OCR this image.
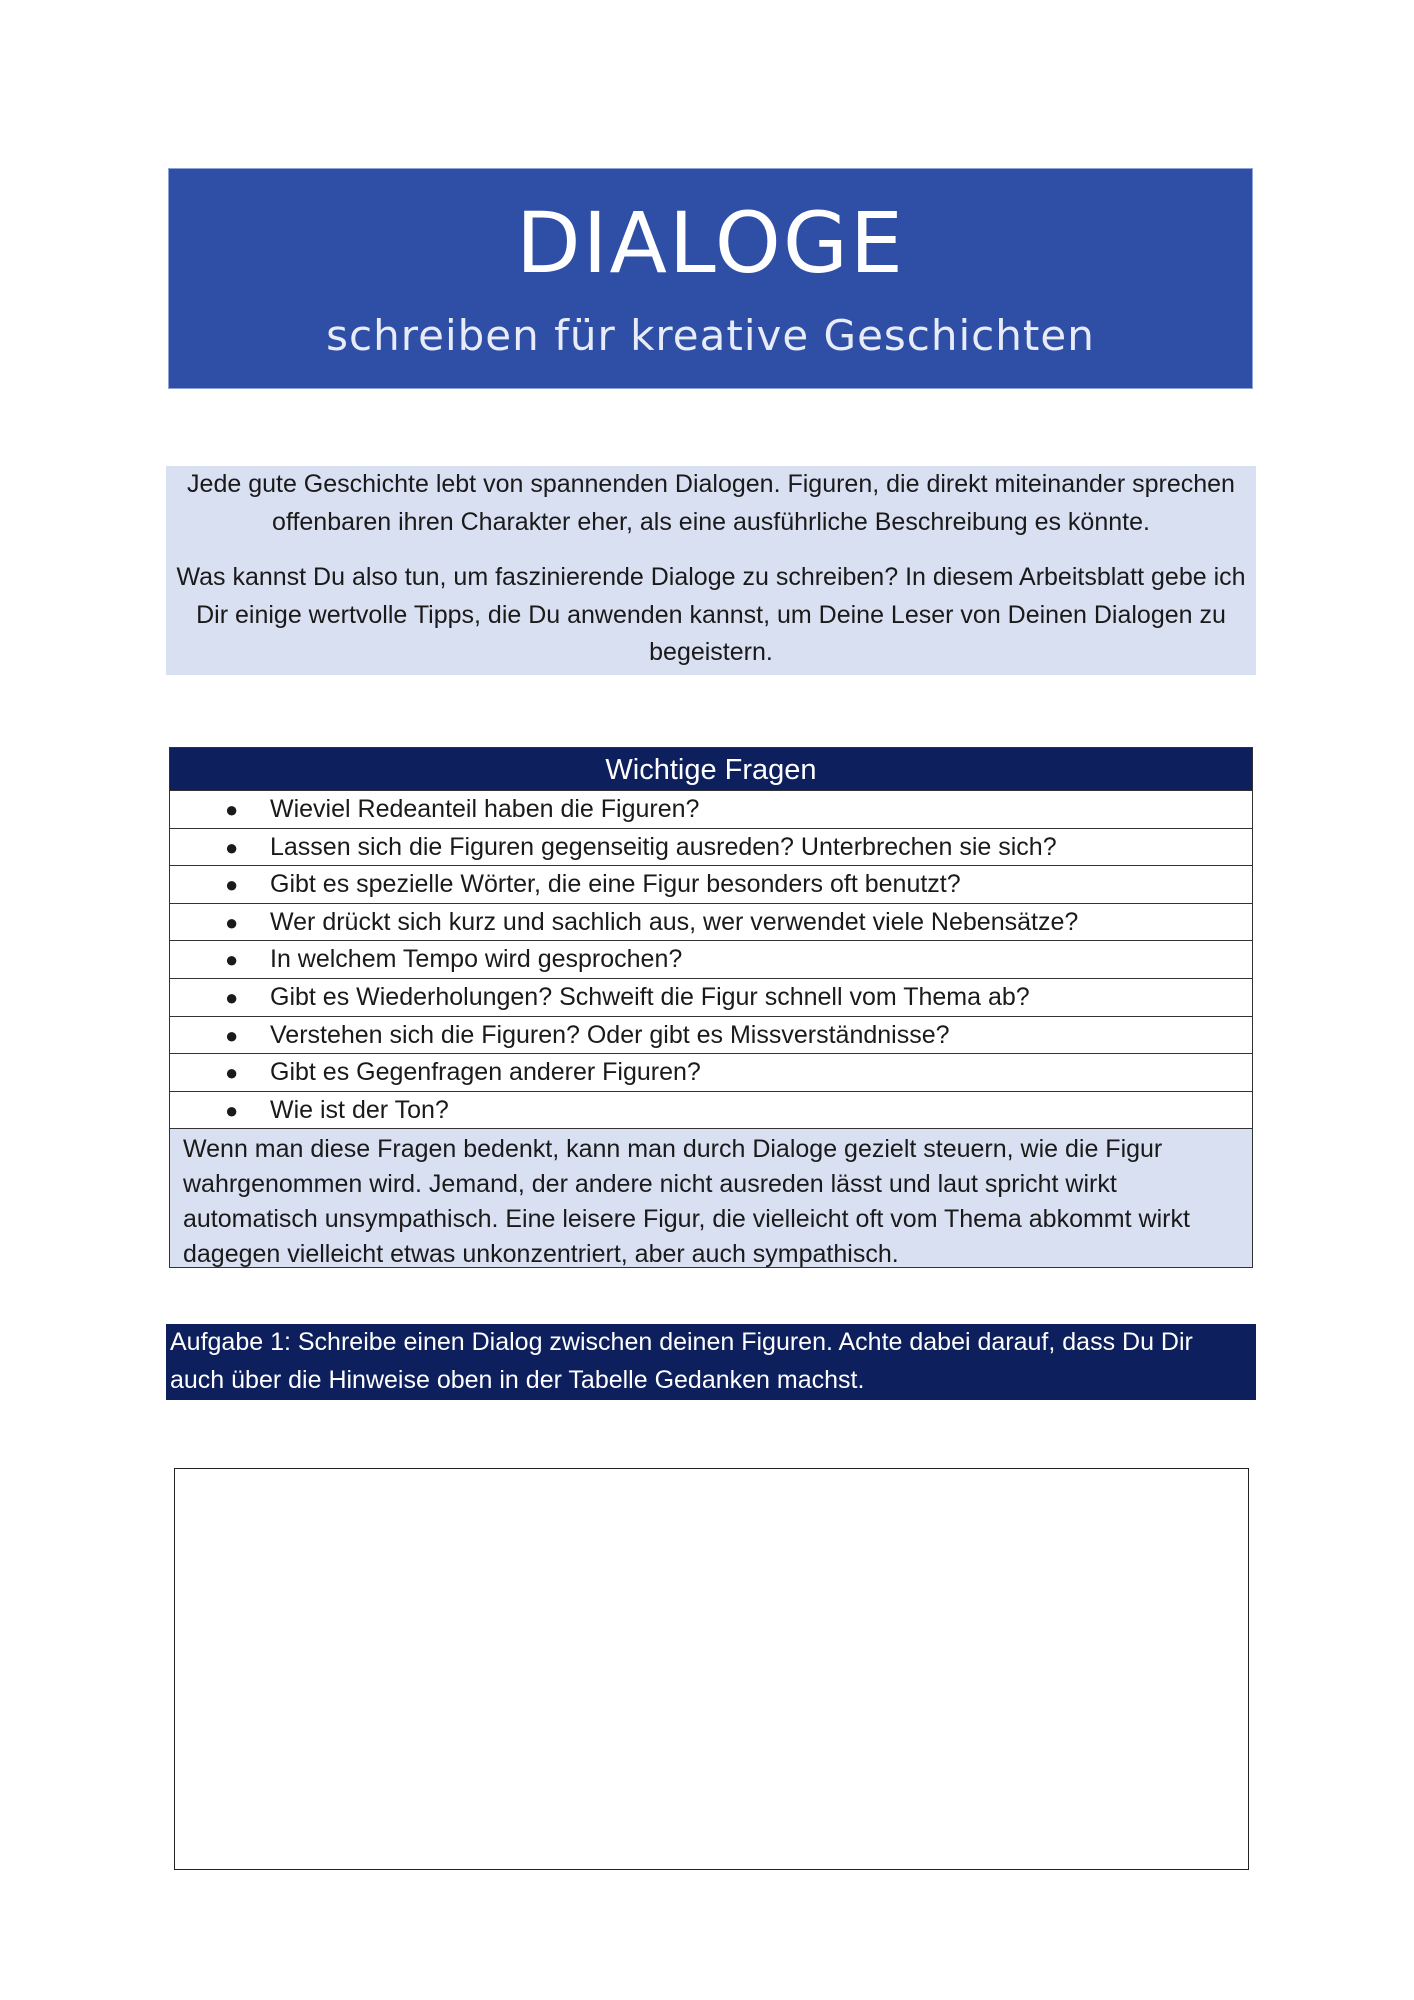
DIALOGE
schreiben für kreative Geschichten

Jede gute Geschichte lebt von spannenden Dialogen. Figuren, die direkt miteinander sprechen offenbaren ihren Charakter eher, als eine ausführliche Beschreibung es könnte.

Was kannst Du also tun, um faszinierende Dialoge zu schreiben? In diesem Arbeitsblatt gebe ich Dir einige wertvolle Tipps, die Du anwenden kannst, um Deine Leser von Deinen Dialogen zu begeistern.

Wichtige Fragen
● Wieviel Redeanteil haben die Figuren?
● Lassen sich die Figuren gegenseitig ausreden? Unterbrechen sie sich?
● Gibt es spezielle Wörter, die eine Figur besonders oft benutzt?
● Wer drückt sich kurz und sachlich aus, wer verwendet viele Nebensätze?
● In welchem Tempo wird gesprochen?
● Gibt es Wiederholungen? Schweift die Figur schnell vom Thema ab?
● Verstehen sich die Figuren? Oder gibt es Missverständnisse?
● Gibt es Gegenfragen anderer Figuren?
● Wie ist der Ton?
Wenn man diese Fragen bedenkt, kann man durch Dialoge gezielt steuern, wie die Figur wahrgenommen wird. Jemand, der andere nicht ausreden lässt und laut spricht wirkt automatisch unsympathisch. Eine leisere Figur, die vielleicht oft vom Thema abkommt wirkt dagegen vielleicht etwas unkonzentriert, aber auch sympathisch.
Aufgabe 1: Schreibe einen Dialog zwischen deinen Figuren. Achte dabei darauf, dass Du Dir auch über die Hinweise oben in der Tabelle Gedanken machst.
